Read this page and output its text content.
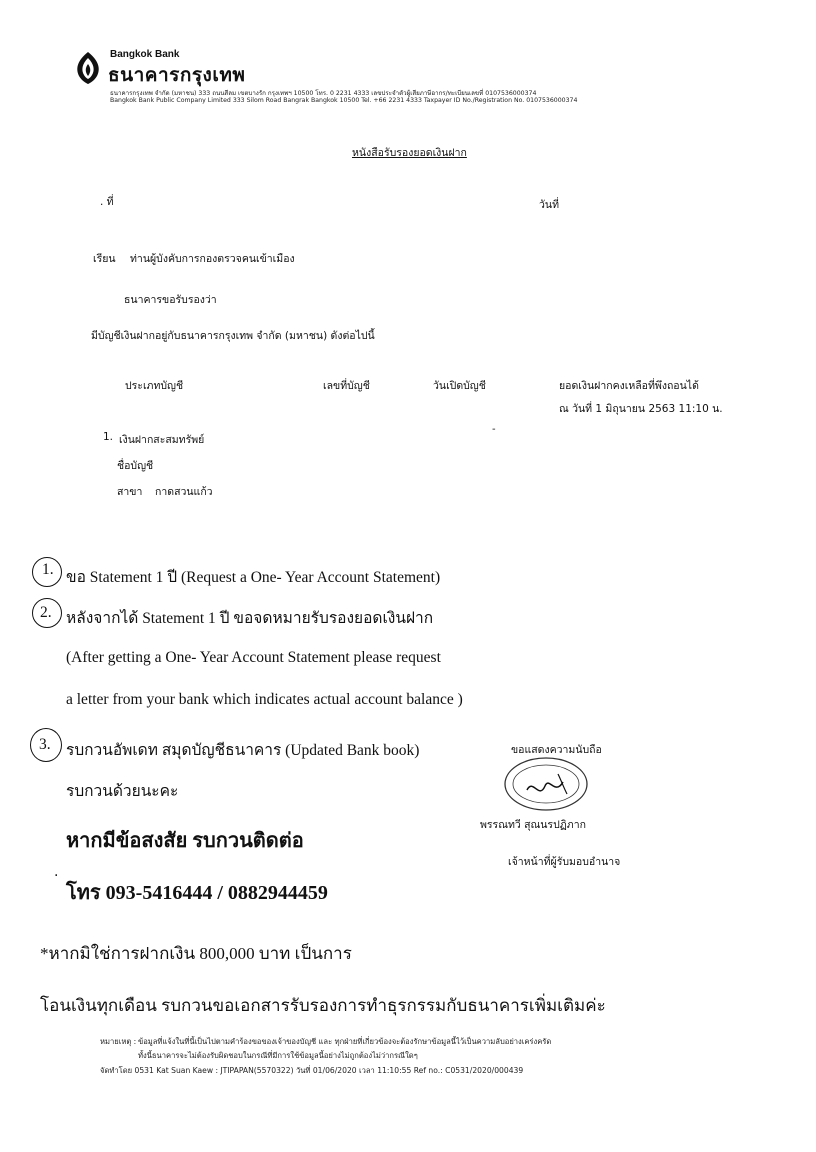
Bangkok Bank
ธนาคารกรุงเทพ
ธนาคารกรุงเทพ จำกัด (มหาชน) 333 ถนนสีลม เขตบางรัก กรุงเทพฯ 10500 โทร. 0 2231 4333 เลขประจำตัวผู้เสียภาษีอากร/ทะเบียนเลขที่ 0107536000374
Bangkok Bank Public Company Limited 333 Silom Road Bangrak Bangkok 10500 Tel. +66 2231 4333 Taxpayer ID No./Registration No. 0107536000374
หนังสือรับรองยอดเงินฝาก
. ที่	วันที่
เรียน ท่านผู้บังคับการกองตรวจคนเข้าเมือง
ธนาคารขอรับรองว่า
มีบัญชีเงินฝากอยู่กับธนาคารกรุงเทพ จำกัด (มหาชน) ดังต่อไปนี้
ประเภทบัญชี	เลขที่บัญชี	วันเปิดบัญชี	ยอดเงินฝากคงเหลือที่พึงถอนได้
ณ วันที่ 1 มิถุนายน 2563 11:10 น.
1. เงินฝากสะสมทรัพย์
-
ชื่อบัญชี
สาขา กาดสวนแก้ว
1. ขอ Statement 1 ปี (Request a One- Year Account Statement)
2. หลังจากได้ Statement 1 ปี ขอจดหมายรับรองยอดเงินฝาก
(After getting a One- Year Account Statement please request
a letter from your bank which indicates actual account balance )
3. รบกวนอัพเดท สมุดบัญชีธนาคาร (Updated Bank book)
รบกวนด้วยนะคะ
หากมีข้อสงสัย รบกวนติดต่อ
·
โทร 093-5416444 / 0882944459
*หากมิใช่การฝากเงิน 800,000 บาท เป็นการ
โอนเงินทุกเดือน รบกวนขอเอกสารรับรองการทำธุรกรรมกับธนาคารเพิ่มเติมค่ะ
ขอแสดงความนับถือ
พรรณทวี สุณนรปฏิภาก
เจ้าหน้าที่ผู้รับมอบอำนาจ
หมายเหตุ : ข้อมูลที่แจ้งในที่นี้เป็นไปตามคำร้องขอของเจ้าของบัญชี และ ทุกฝ่ายที่เกี่ยวข้องจะต้องรักษาข้อมูลนี้ไว้เป็นความลับอย่างเคร่งครัด
ทั้งนี้ธนาคารจะไม่ต้องรับผิดชอบในกรณีที่มีการใช้ข้อมูลนี้อย่างไม่ถูกต้องไม่ว่ากรณีใดๆ
จัดทำโดย 0531 Kat Suan Kaew : JTIPAPAN(5570322) วันที่ 01/06/2020 เวลา 11:10:55 Ref no.: C0531/2020/000439
